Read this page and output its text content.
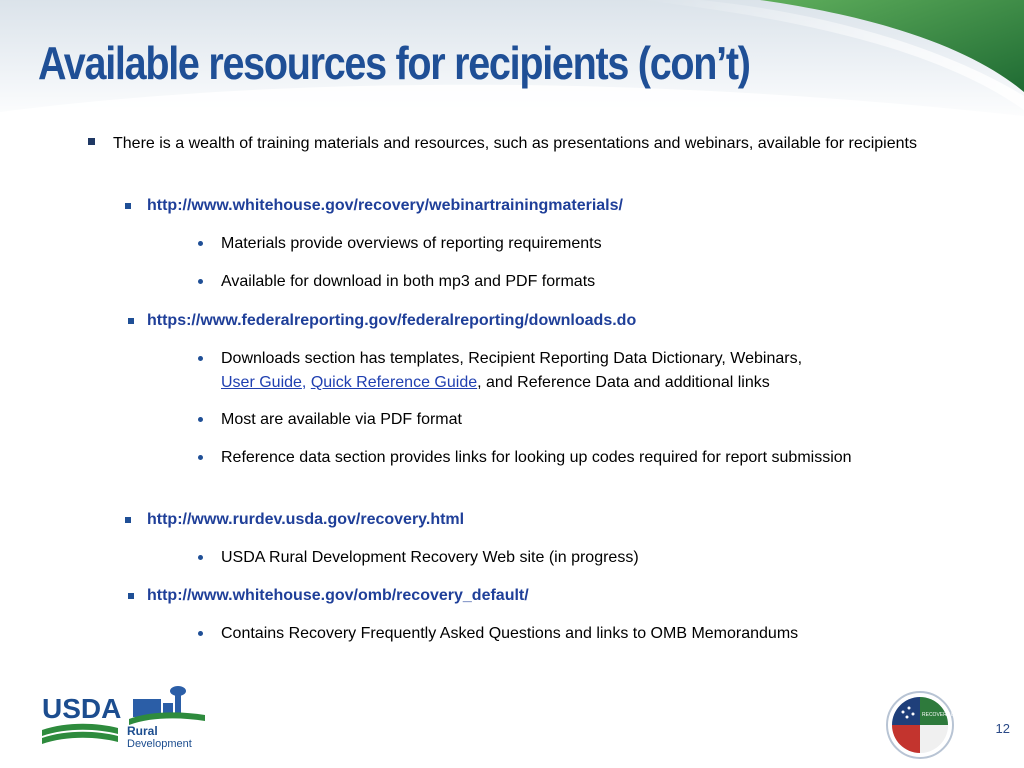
Available resources for recipients (con’t)
There is a wealth of training materials and resources, such as presentations and webinars, available for recipients
http://www.whitehouse.gov/recovery/webinartrainingmaterials/
Materials provide overviews of reporting requirements
Available for download in both mp3 and PDF formats
https://www.federalreporting.gov/federalreporting/downloads.do
Downloads section has templates, Recipient Reporting Data Dictionary, Webinars,
User Guide, Quick Reference Guide, and Reference Data and additional links
Most are available via PDF format
Reference data section provides links for looking up codes required for report submission
http://www.rurdev.usda.gov/recovery.html
USDA Rural Development Recovery Web site (in progress)
http://www.whitehouse.gov/omb/recovery_default/
Contains Recovery Frequently Asked Questions and links to OMB Memorandums
USDA
Rural
Development
RECOVERY.GOV
12
